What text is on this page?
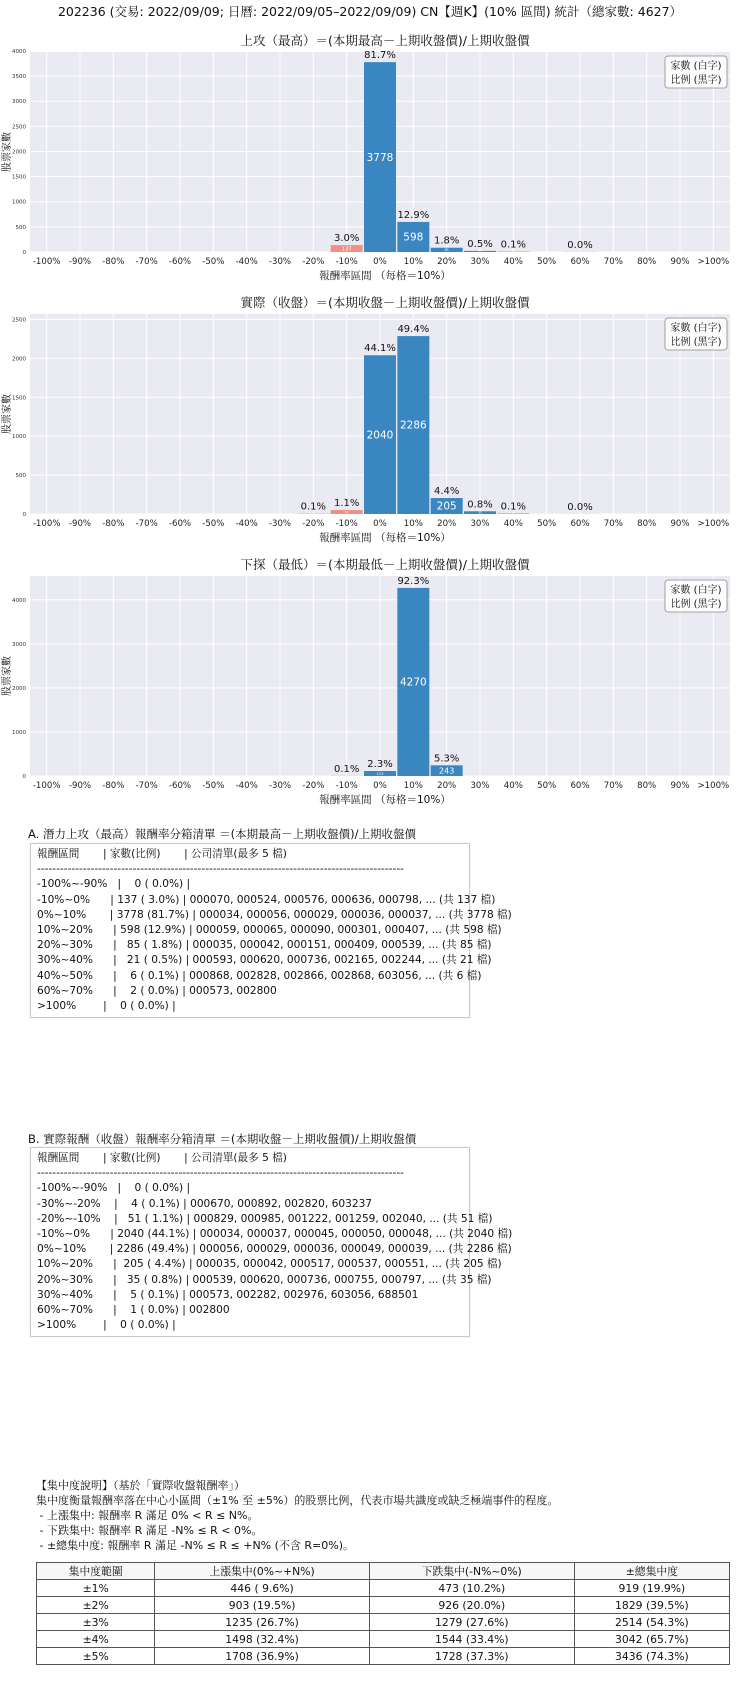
202236 (交易: 2022/09/09; 日曆: 2022/09/05–2022/09/09) CN【週K】(10% 區間) 統計（總家數: 4627）
上攻（最高）＝(本期最高－上期收盤價)/上期收盤價
-100% -90% -80% -70% -60% -50% -40% -30% -20% -10% 0% 10% 20% 30% 40% 50% 60% 70% 80% 90% >100%
0
500
1000
1500
2000
2500
3000
3500
4000
報酬率區間 （每格＝10%）
股票家數
137
3778
598
85	21	6	2
3.0%
81.7%
12.9%
1.8% 0.5% 0.1%	0.0%
家數 (白字)
比例 (黑字)
實際（收盤）＝(本期收盤－上期收盤價)/上期收盤價
-100% -90% -80% -70% -60% -50% -40% -30% -20% -10% 0% 10% 20% 30% 40% 50% 60% 70% 80% 90% >100%
0
500
1000
1500
2000
2500
報酬率區間 （每格＝10%）
股票家數
4	51
2040
2286
205	35	5	1
0.1% 1.1%
44.1%
49.4%
4.4%
0.8% 0.1%	0.0%
家數 (白字)
比例 (黑字)
下探（最低）＝(本期最低－上期收盤價)/上期收盤價
-100% -90% -80% -70% -60% -50% -40% -30% -20% -10% 0% 10% 20% 30% 40% 50% 60% 70% 80% 90% >100%
0
1000
2000
3000
4000
報酬率區間 （每格＝10%）
股票家數
4
113
4270
243
0.1% 2.3%
92.3%
5.3%
家數 (白字)
比例 (黑字)
A. 潛力上攻（最高）報酬率分箱清單 ＝(本期最高－上期收盤價)/上期收盤價
報酬區間       | 家數(比例)       | 公司清單(最多 5 檔)
------------------------------------------------------------------------------------------------
-100%~-90%   |    0 ( 0.0%) |
-10%~0%      | 137 ( 3.0%) | 000070, 000524, 000576, 000636, 000798, ... (共 137 檔)
0%~10%       | 3778 (81.7%) | 000034, 000056, 000029, 000036, 000037, ... (共 3778 檔)
10%~20%      | 598 (12.9%) | 000059, 000065, 000090, 000301, 000407, ... (共 598 檔)
20%~30%      |   85 ( 1.8%) | 000035, 000042, 000151, 000409, 000539, ... (共 85 檔)
30%~40%      |   21 ( 0.5%) | 000593, 000620, 000736, 002165, 002244, ... (共 21 檔)
40%~50%      |    6 ( 0.1%) | 000868, 002828, 002866, 002868, 603056, ... (共 6 檔)
60%~70%      |    2 ( 0.0%) | 000573, 002800
>100%        |    0 ( 0.0%) |
B. 實際報酬（收盤）報酬率分箱清單 ＝(本期收盤－上期收盤價)/上期收盤價
報酬區間       | 家數(比例)       | 公司清單(最多 5 檔)
------------------------------------------------------------------------------------------------
-100%~-90%   |    0 ( 0.0%) |
-30%~-20%    |    4 ( 0.1%) | 000670, 000892, 002820, 603237
-20%~-10%    |   51 ( 1.1%) | 000829, 000985, 001222, 001259, 002040, ... (共 51 檔)
-10%~0%      | 2040 (44.1%) | 000034, 000037, 000045, 000050, 000048, ... (共 2040 檔)
0%~10%       | 2286 (49.4%) | 000056, 000029, 000036, 000049, 000039, ... (共 2286 檔)
10%~20%      |  205 ( 4.4%) | 000035, 000042, 000517, 000537, 000551, ... (共 205 檔)
20%~30%      |   35 ( 0.8%) | 000539, 000620, 000736, 000755, 000797, ... (共 35 檔)
30%~40%      |    5 ( 0.1%) | 000573, 002282, 002976, 603056, 688501
60%~70%      |    1 ( 0.0%) | 002800
>100%        |    0 ( 0.0%) |
【集中度說明】（基於「實際收盤報酬率」）
集中度衡量報酬率落在中心小區間（±1% 至 ±5%）的股票比例，代表市場共識度或缺乏極端事件的程度。
- 上漲集中: 報酬率 R 滿足 0% < R ≤ N%。
- 下跌集中: 報酬率 R 滿足 -N% ≤ R < 0%。
- ±總集中度: 報酬率 R 滿足 -N% ≤ R ≤ +N% (不含 R=0%)。
集中度範圍	上漲集中(0%~+N%)	下跌集中(-N%~0%)	±總集中度
±1%	446 ( 9.6%)	473 (10.2%)	919 (19.9%)
±2%	903 (19.5%)	926 (20.0%)	1829 (39.5%)
±3%	1235 (26.7%)	1279 (27.6%)	2514 (54.3%)
±4%	1498 (32.4%)	1544 (33.4%)	3042 (65.7%)
±5%	1708 (36.9%)	1728 (37.3%)	3436 (74.3%)
